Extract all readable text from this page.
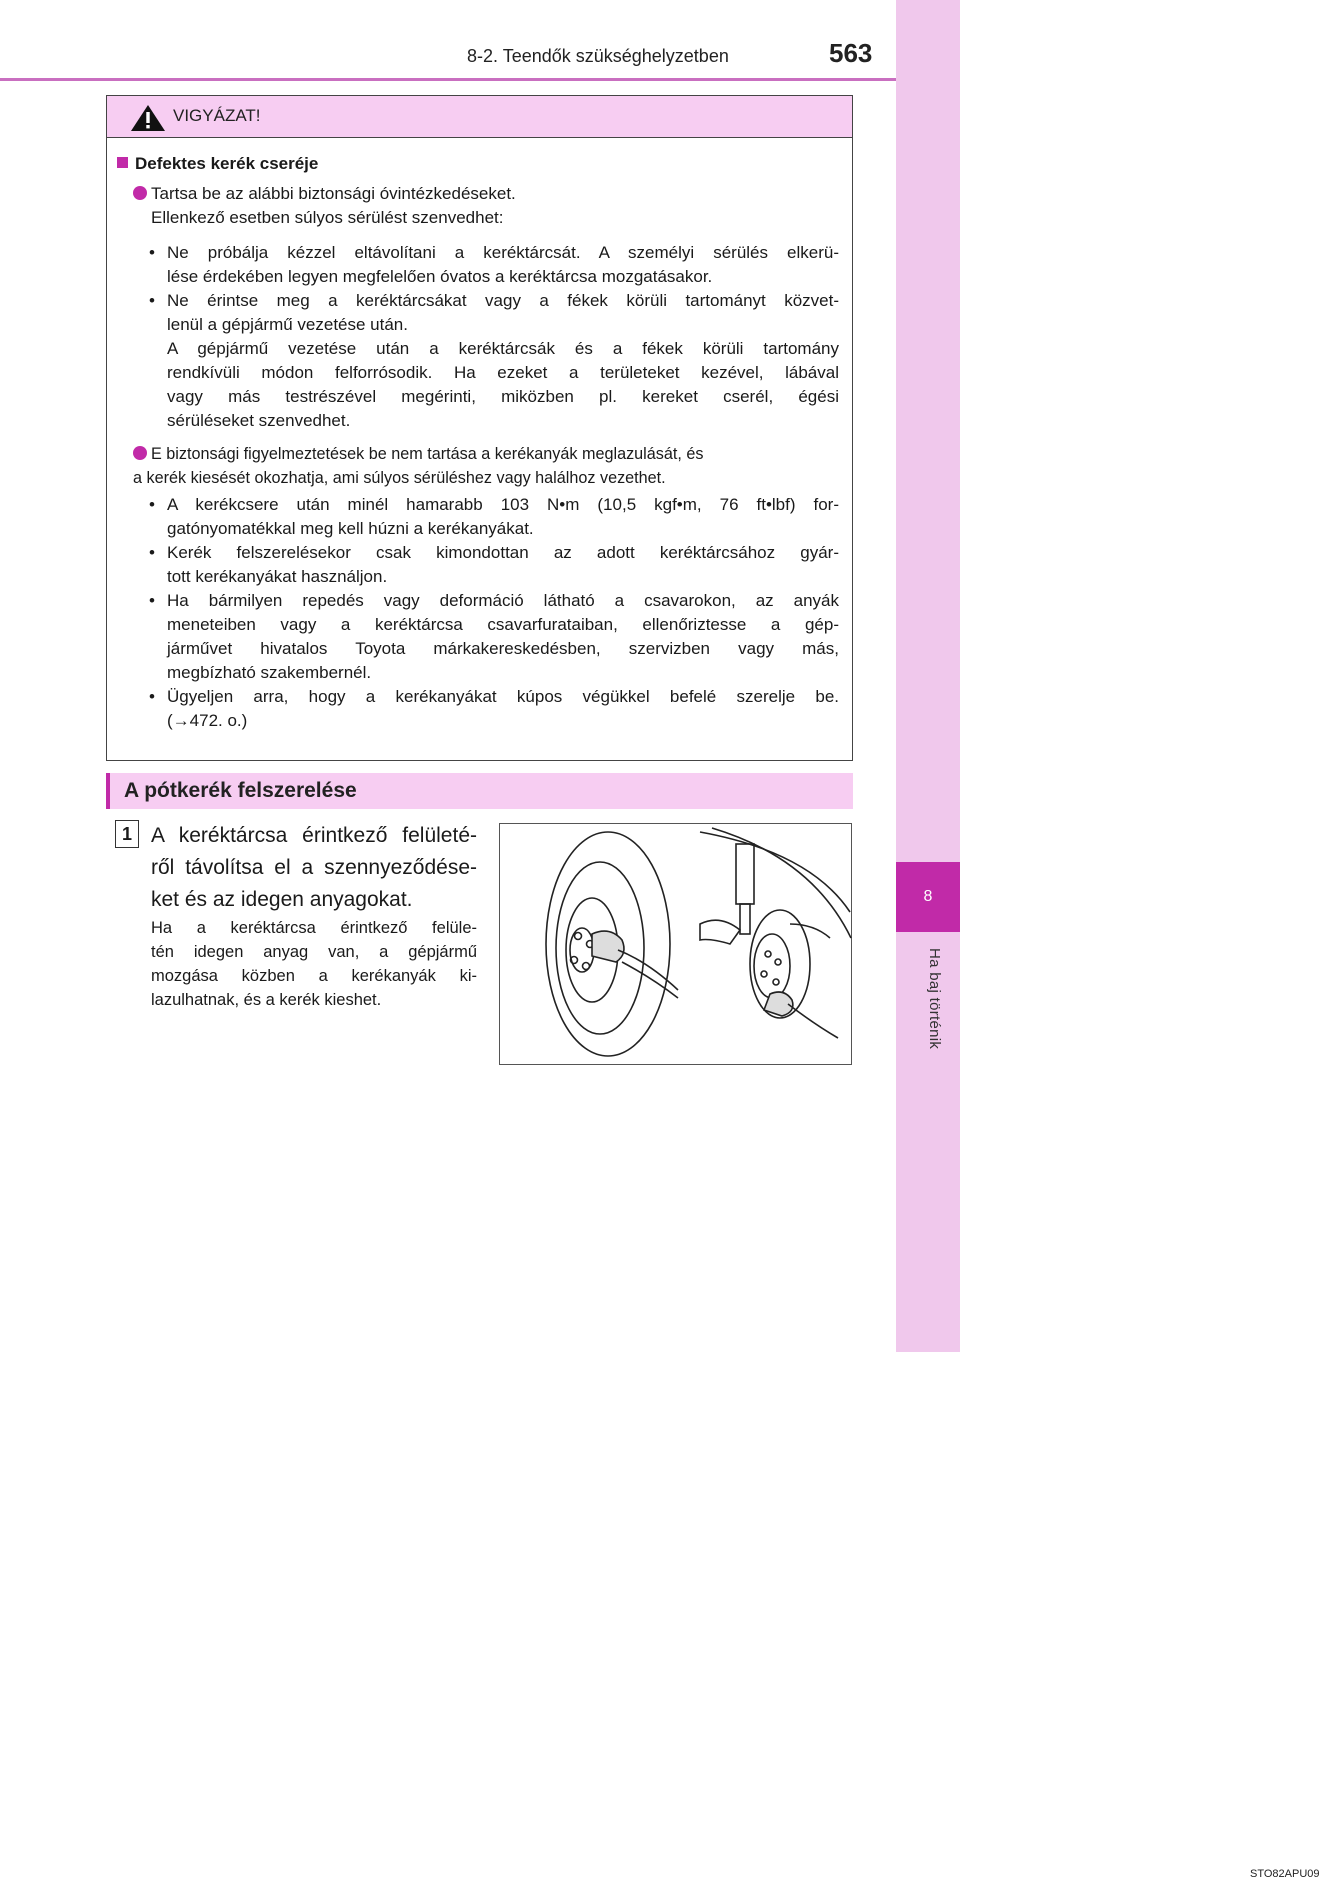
8
Ha baj történik
8-2. Teendők szükséghelyzetben	563
VIGYÁZAT!
Defektes kerék cseréje
Tartsa be az alábbi biztonsági óvintézkedéseket.
Ellenkező esetben súlyos sérülést szenvedhet:
• Ne próbálja kézzel eltávolítani a keréktárcsát. A személyi sérülés elkerü-
lése érdekében legyen megfelelően óvatos a keréktárcsa mozgatásakor.
• Ne érintse meg a keréktárcsákat vagy a fékek körüli tartományt közvet-
lenül a gépjármű vezetése után.
A gépjármű vezetése után a keréktárcsák és a fékek körüli tartomány
rendkívüli módon felforrósodik. Ha ezeket a területeket kezével, lábával
vagy más testrészével megérinti, miközben pl. kereket cserél, égési
sérüléseket szenvedhet.
E biztonsági figyelmeztetések be nem tartása a kerékanyák meglazulását, és
a kerék kiesését okozhatja, ami súlyos sérüléshez vagy halálhoz vezethet.
• A kerékcsere után minél hamarabb 103 N•m (10,5 kgf•m, 76 ft•lbf) for-
gatónyomatékkal meg kell húzni a kerékanyákat.
• Kerék felszerelésekor csak kimondottan az adott keréktárcsához gyár-
tott kerékanyákat használjon.
• Ha bármilyen repedés vagy deformáció látható a csavarokon, az anyák
meneteiben vagy a keréktárcsa csavarfurataiban, ellenőriztesse a gép-
járművet hivatalos Toyota márkakereskedésben, szervizben vagy más,
megbízható szakembernél.
• Ügyeljen arra, hogy a kerékanyákat kúpos végükkel befelé szerelje be.
(→472. o.)
A pótkerék felszerelése
1 A keréktárcsa érintkező felületé-
ről távolítsa el a szennyeződése-
ket és az idegen anyagokat.
Ha a keréktárcsa érintkező felüle-
tén idegen anyag van, a gépjármű
mozgása közben a kerékanyák ki-
lazulhatnak, és a kerék kieshet.
STO82APU09
